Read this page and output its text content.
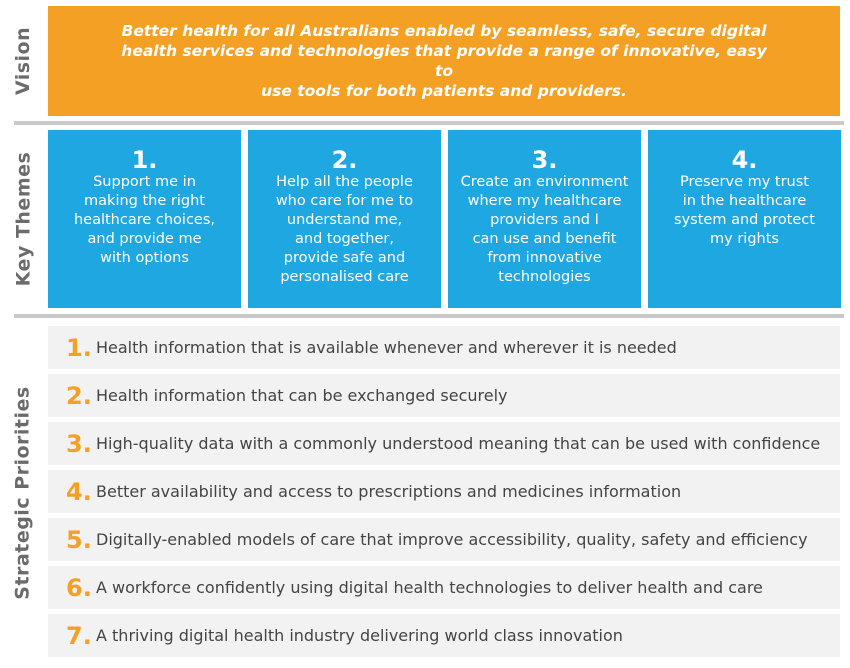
Vision	Better health for all Australians enabled by seamless, safe, secure digital
health services and technologies that provide a range of innovative, easy to
use tools for both patients and providers.
Key Themes	1.
Support me in
making the right
healthcare choices,
and provide me
with options
2.
Help all the people
who care for me to
understand me,
and together,
provide safe and
personalised care
3.
Create an environment
where my healthcare
providers and I
can use and benefit
from innovative
technologies
4.
Preserve my trust
in the healthcare
system and protect
my rights
Strategic Priorities
1. Health information that is available whenever and wherever it is needed
2. Health information that can be exchanged securely
3. High-quality data with a commonly understood meaning that can be used with confidence
4. Better availability and access to prescriptions and medicines information
5. Digitally-enabled models of care that improve accessibility, quality, safety and efficiency
6. A workforce confidently using digital health technologies to deliver health and care
7. A thriving digital health industry delivering world class innovation
